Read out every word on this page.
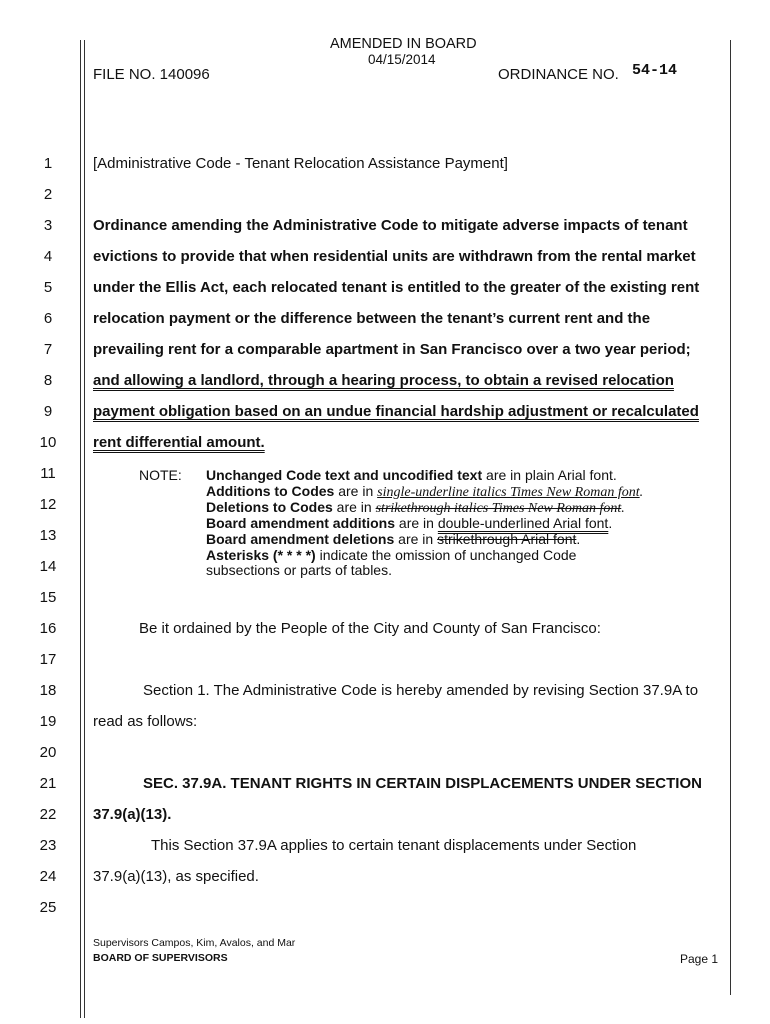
AMENDED IN BOARD
04/15/2014
FILE NO. 140096	ORDINANCE NO. 54-14
1
2
3
4
5
6
7
8
9
10
11
12
13
14
15
16
17
18
19
20
21
22
23
24
25
[Administrative Code - Tenant Relocation Assistance Payment]
Ordinance amending the Administrative Code to mitigate adverse impacts of tenant
evictions to provide that when residential units are withdrawn from the rental market
under the Ellis Act, each relocated tenant is entitled to the greater of the existing rent
relocation payment or the difference between the tenant’s current rent and the
prevailing rent for a comparable apartment in San Francisco over a two year period;
and allowing a landlord, through a hearing process, to obtain a revised relocation
payment obligation based on an undue financial hardship adjustment or recalculated
rent differential amount.
NOTE: Unchanged Code text and uncodified text are in plain Arial font.
Additions to Codes are in single-underline italics Times New Roman font.
Deletions to Codes are in strikethrough italics Times New Roman font.
Board amendment additions are in double-underlined Arial font.
Board amendment deletions are in strikethrough Arial font.
Asterisks (* * * *) indicate the omission of unchanged Code
subsections or parts of tables.
Be it ordained by the People of the City and County of San Francisco:
Section 1. The Administrative Code is hereby amended by revising Section 37.9A to
read as follows:
SEC. 37.9A. TENANT RIGHTS IN CERTAIN DISPLACEMENTS UNDER SECTION
37.9(a)(13).
This Section 37.9A applies to certain tenant displacements under Section
37.9(a)(13), as specified.
Supervisors Campos, Kim, Avalos, and Mar
BOARD OF SUPERVISORS	Page 1
